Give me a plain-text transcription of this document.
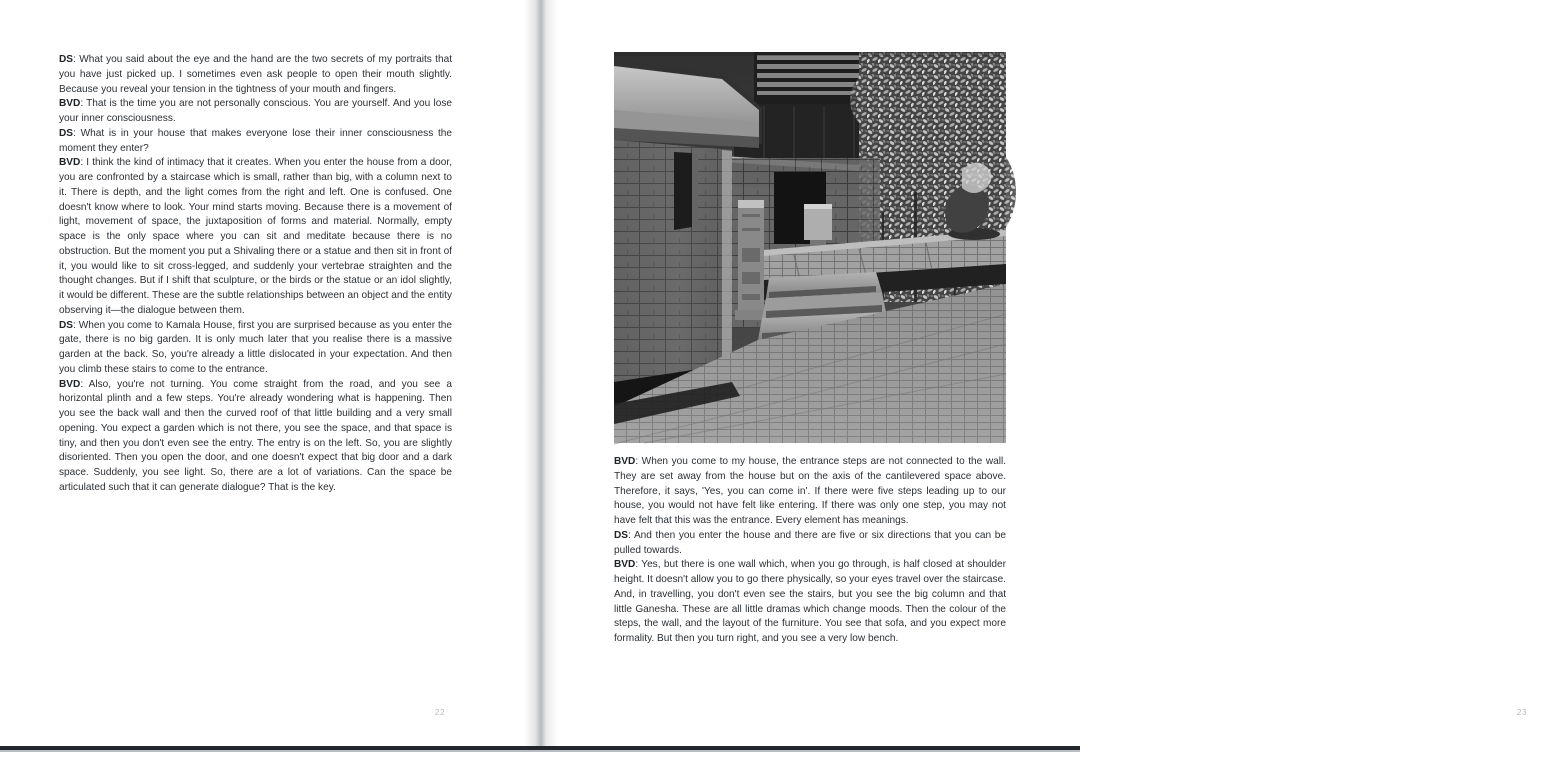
DS: What you said about the eye and the hand are the two secrets of my portraits that you have just picked up. I sometimes even ask people to open their mouth slightly. Because you reveal your tension in the tightness of your mouth and fingers.

BVD: That is the time you are not personally conscious. You are yourself. And you lose your inner consciousness.

DS: What is in your house that makes everyone lose their inner consciousness the moment they enter?

BVD: I think the kind of intimacy that it creates. When you enter the house from a door, you are confronted by a staircase which is small, rather than big, with a column next to it. There is depth, and the light comes from the right and left. One is confused. One doesn't know where to look. Your mind starts moving. Because there is a movement of light, movement of space, the juxtaposition of forms and material. Normally, empty space is the only space where you can sit and meditate because there is no obstruction. But the moment you put a Shivaling there or a statue and then sit in front of it, you would like to sit cross-legged, and suddenly your vertebrae straighten and the thought changes. But if I shift that sculpture, or the birds or the statue or an idol slightly, it would be different. These are the subtle relationships between an object and the entity observing it—the dialogue between them.

DS: When you come to Kamala House, first you are surprised because as you enter the gate, there is no big garden. It is only much later that you realise there is a massive garden at the back. So, you're already a little dislocated in your expectation. And then you climb these stairs to come to the entrance.

BVD: Also, you're not turning. You come straight from the road, and you see a horizontal plinth and a few steps. You're already wondering what is happening. Then you see the back wall and then the curved roof of that little building and a very small opening. You expect a garden which is not there, you see the space, and that space is tiny, and then you don't even see the entry. The entry is on the left. So, you are slightly disoriented. Then you open the door, and one doesn't expect that big door and a dark space. Suddenly, you see light. So, there are a lot of variations. Can the space be articulated such that it can generate dialogue? That is the key.

22

BVD: When you come to my house, the entrance steps are not connected to the wall. They are set away from the house but on the axis of the cantilevered space above. Therefore, it says, 'Yes, you can come in'. If there were five steps leading up to our house, you would not have felt like entering. If there was only one step, you may not have felt that this was the entrance. Every element has meanings.

DS: And then you enter the house and there are five or six directions that you can be pulled towards.

BVD: Yes, but there is one wall which, when you go through, is half closed at shoulder height. It doesn't allow you to go there physically, so your eyes travel over the staircase. And, in travelling, you don't even see the stairs, but you see the big column and that little Ganesha. These are all little dramas which change moods. Then the colour of the steps, the wall, and the layout of the furniture. You see that sofa, and you expect more formality. But then you turn right, and you see a very low bench.

23
